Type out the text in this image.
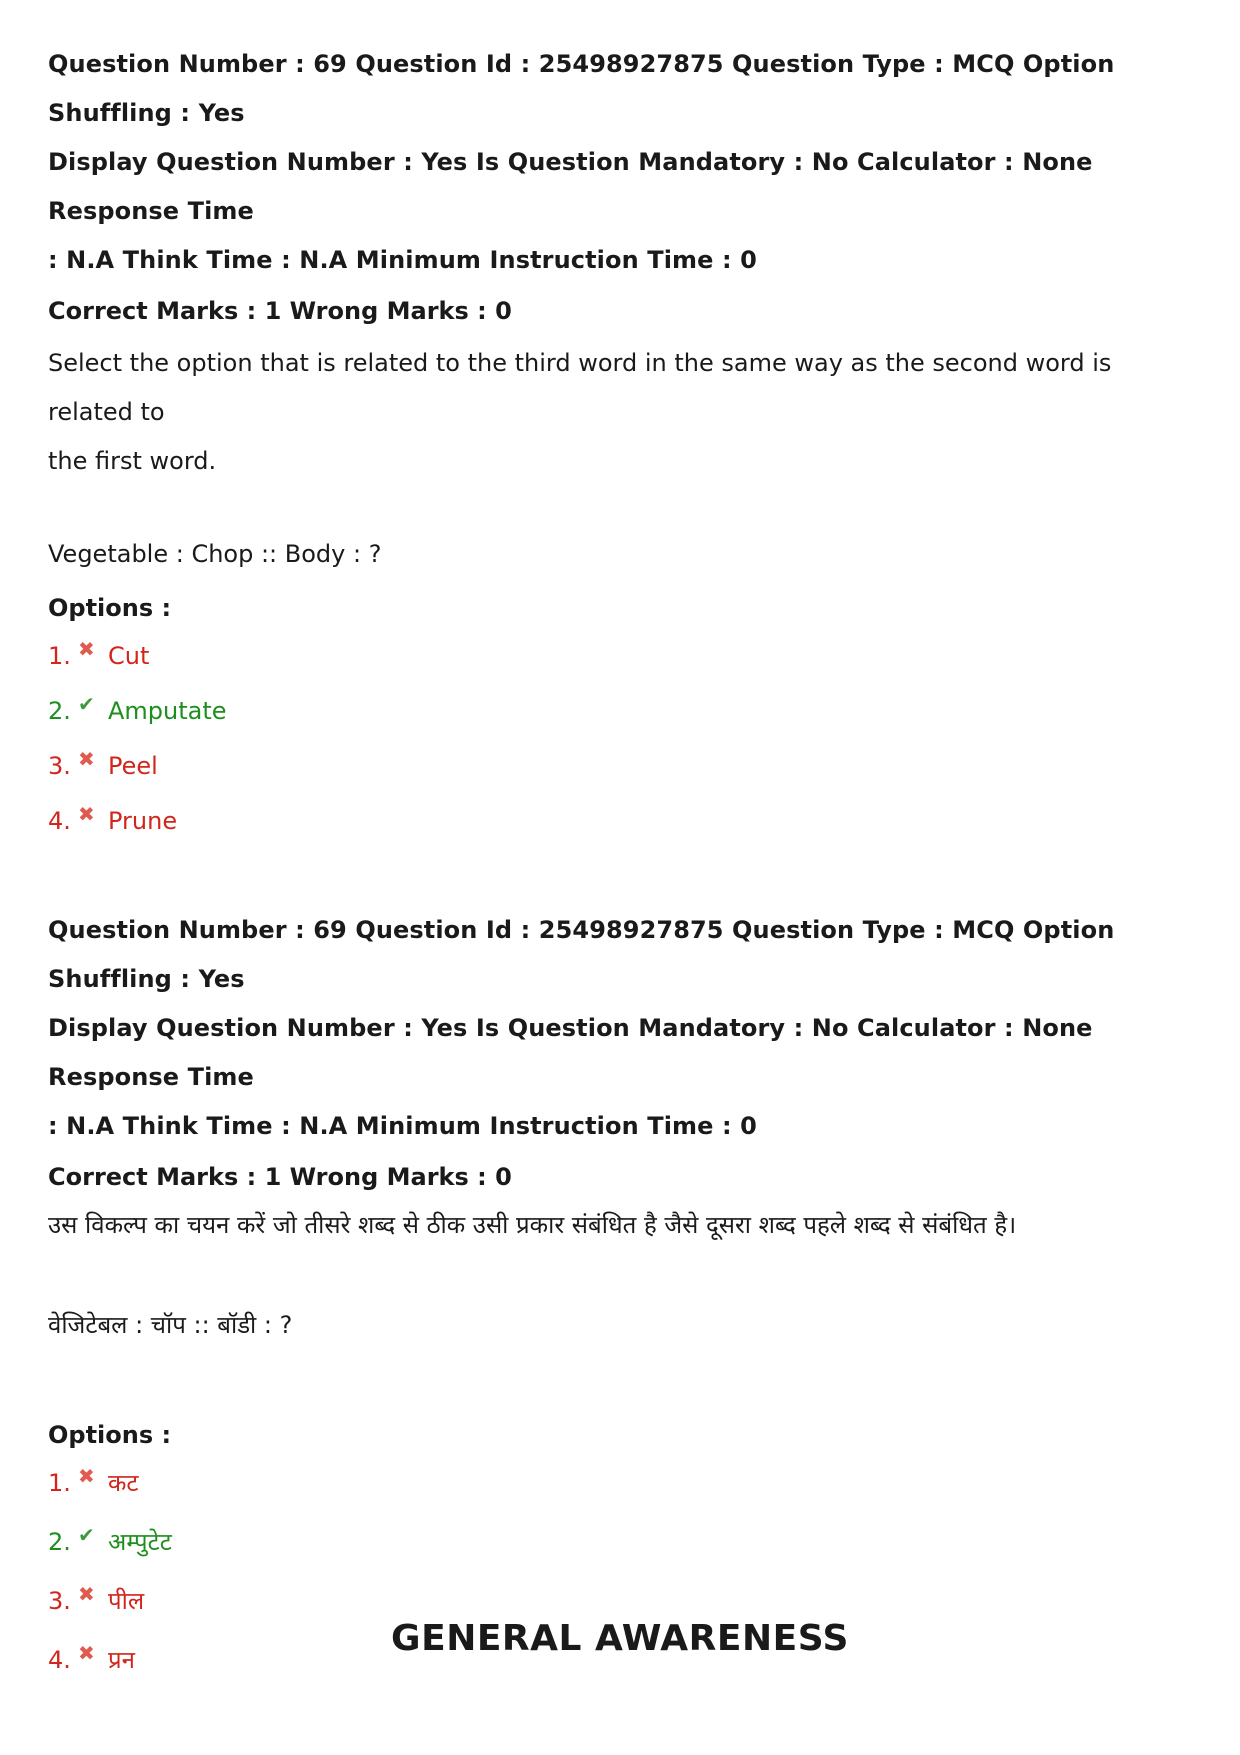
Question Number : 69 Question Id : 25498927875 Question Type : MCQ Option Shuffling : Yes

Display Question Number : Yes Is Question Mandatory : No Calculator : None Response Time

: N.A Think Time : N.A Minimum Instruction Time : 0

Correct Marks : 1 Wrong Marks : 0

Select the option that is related to the third word in the same way as the second word is related to

the first word.

Vegetable : Chop :: Body : ?

Options :

1. ✖ Cut
2. ✔ Amputate
3. ✖ Peel
4. ✖ Prune

Question Number : 69 Question Id : 25498927875 Question Type : MCQ Option Shuffling : Yes

Display Question Number : Yes Is Question Mandatory : No Calculator : None Response Time

: N.A Think Time : N.A Minimum Instruction Time : 0

Correct Marks : 1 Wrong Marks : 0

उस विकल्प का चयन करें जो तीसरे शब्द से ठीक उसी प्रकार संबंधित है जैसे दूसरा शब्द पहले शब्द से संबंधित है।

वेजिटेबल : चॉप :: बॉडी : ?

Options :

1. ✖ कट
2. ✔ अम्पुटेट
3. ✖ पील
4. ✖ प्रन
GENERAL AWARENESS
